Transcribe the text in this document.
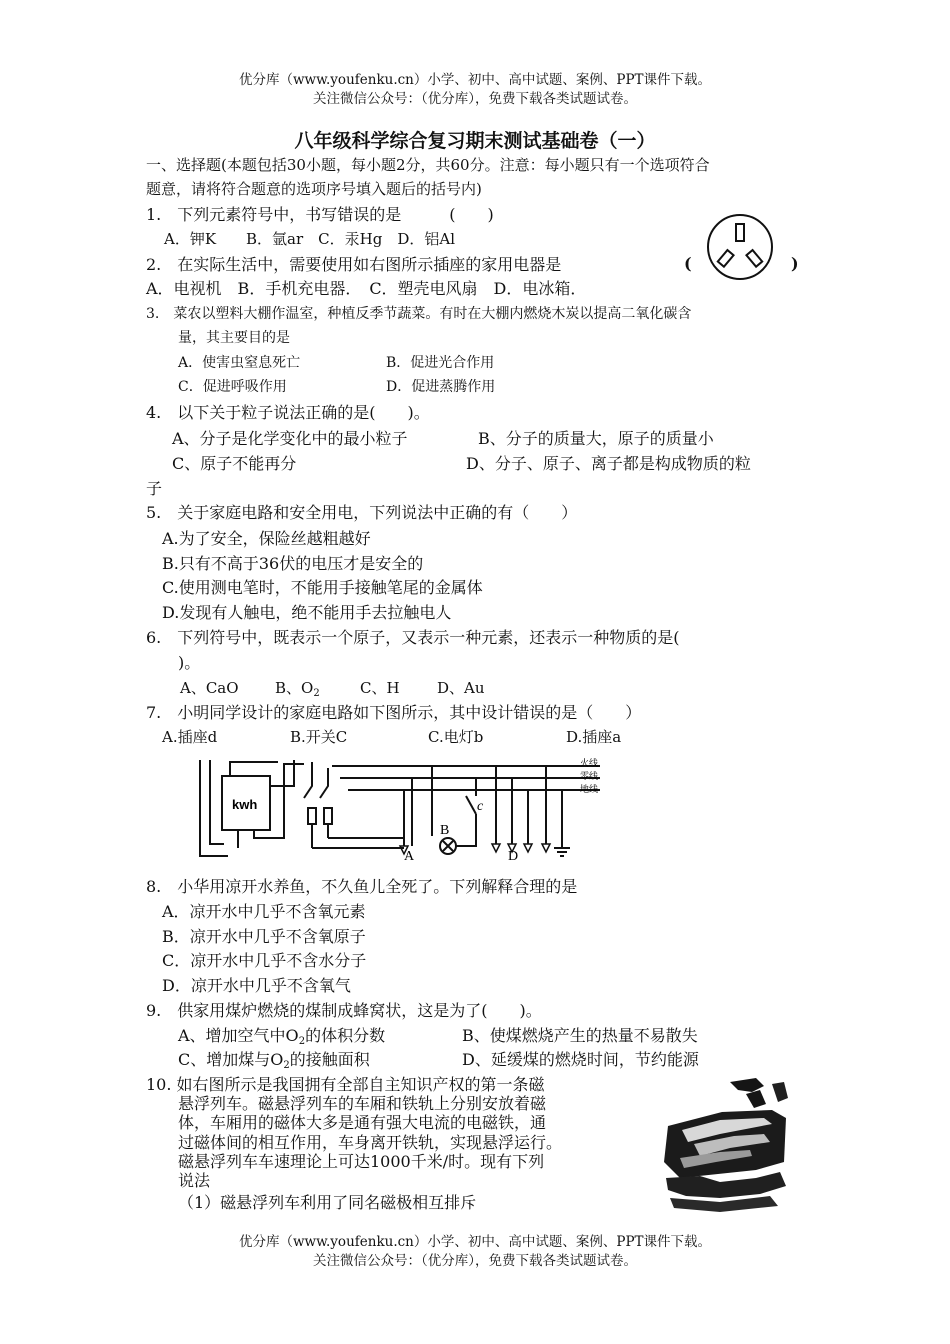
优分库（www.youfenku.cn）小学、初中、高中试题、案例、PPT课件下载。
关注微信公众号：（优分库），免费下载各类试题试卷。
八年级科学综合复习期末测试基础卷（一）
一、选择题(本题包括30小题，每小题2分，共60分。注意：每小题只有一个选项符合
题意，请将符合题意的选项序号填入题后的括号内)
1.　下列元素符号中，书写错误的是　　　(　　)
A．钾K　　B．氩ar　C．汞Hg　D．铝Al
2.　在实际生活中，需要使用如右图所示插座的家用电器是	(	)
A．电视机　B．手机充电器．　C．塑壳电风扇　D．电冰箱．
3.　菜农以塑料大棚作温室，种植反季节蔬菜。有时在大棚内燃烧木炭以提高二氧化碳含
量，其主要目的是
A．使害虫窒息死亡	B．促进光合作用
C．促进呼吸作用	D．促进蒸腾作用
4.　以下关于粒子说法正确的是(　　)。
A、分子是化学变化中的最小粒子	B、分子的质量大，原子的质量小
C、原子不能再分	D、分子、原子、离子都是构成物质的粒
子
5.　关于家庭电路和安全用电，下列说法中正确的有（　　）
A.为了安全，保险丝越粗越好
B.只有不高于36伏的电压才是安全的
C.使用测电笔时，不能用手接触笔尾的金属体
D.发现有人触电，绝不能用手去拉触电人
6.　下列符号中，既表示一个原子，又表示一种元素，还表示一种物质的是(
)。
A、CaO B、$O_2$	C、H D、Au
7.　小明同学设计的家庭电路如下图所示，其中设计错误的是（　　）
A.插座d	B.开关C	C.电灯b	D.插座a
kwh
火线
零线
地线
A
B
c
D
8.　小华用凉开水养鱼，不久鱼儿全死了。下列解释合理的是
A．凉开水中几乎不含氧元素
B．凉开水中几乎不含氧原子
C．凉开水中几乎不含水分子
D．凉开水中几乎不含氧气
9.　供家用煤炉燃烧的煤制成蜂窝状，这是为了(　　)。
A、增加空气中O2的体积分数	B、使煤燃烧产生的热量不易散失
C、增加煤与O2的接触面积	D、延缓煤的燃烧时间，节约能源
10. 如右图所示是我国拥有全部自主知识产权的第一条磁
悬浮列车。磁悬浮列车的车厢和铁轨上分别安放着磁
体，车厢用的磁体大多是通有强大电流的电磁铁，通
过磁体间的相互作用，车身离开铁轨，实现悬浮运行。
磁悬浮列车车速理论上可达1000千米/时。现有下列
说法
（1）磁悬浮列车利用了同名磁极相互排斥
优分库（www.youfenku.cn）小学、初中、高中试题、案例、PPT课件下载。
关注微信公众号：（优分库），免费下载各类试题试卷。
